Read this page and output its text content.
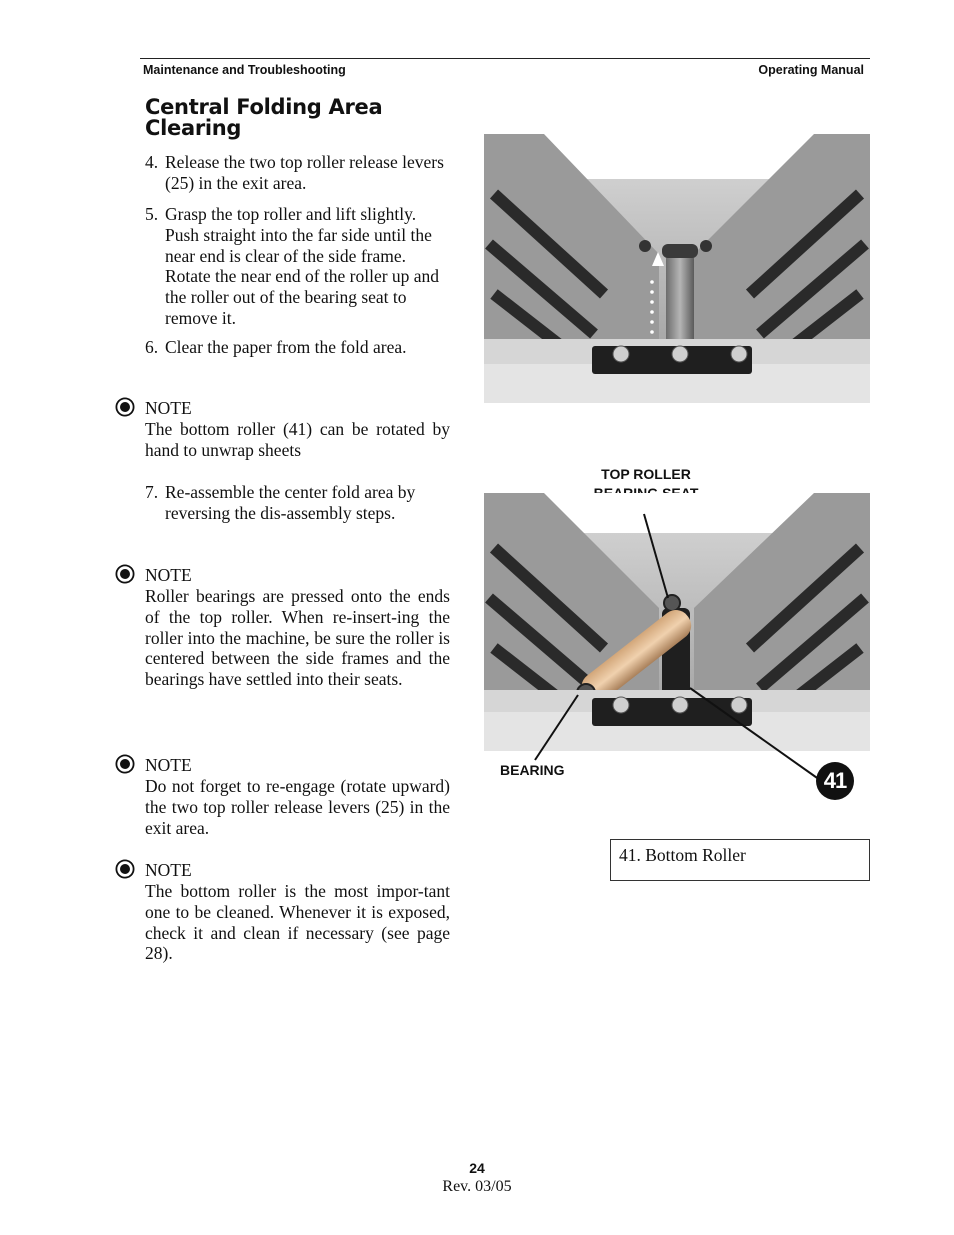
Maintenance and Troubleshooting	Operating Manual
Central Folding Area Clearing
4. Release the two top roller release levers (25) in the exit area.
5. Grasp the top roller and lift slightly. Push straight into the far side until the near end is clear of the side frame. Rotate the near end of the roller up and the roller out of the bearing seat to remove it.
6. Clear the paper from the fold area.
NOTE
The bottom roller (41) can be rotated by hand to unwrap sheets
7. Re-assemble the center fold area by reversing the dis-assembly steps.
NOTE
Roller bearings are pressed onto the ends of the top roller. When re-insert-ing the roller into the machine, be sure the roller is centered between the side frames and the bearings have settled into their seats.
NOTE
Do not forget to re-engage (rotate upward) the two top roller release levers (25) in the exit area.
NOTE
The bottom roller is the most impor-tant one to be cleaned. Whenever it is exposed, check it and clean if necessary (see page 28).
TOP ROLLER
BEARING	41
41. Bottom Roller
24
Rev. 03/05
